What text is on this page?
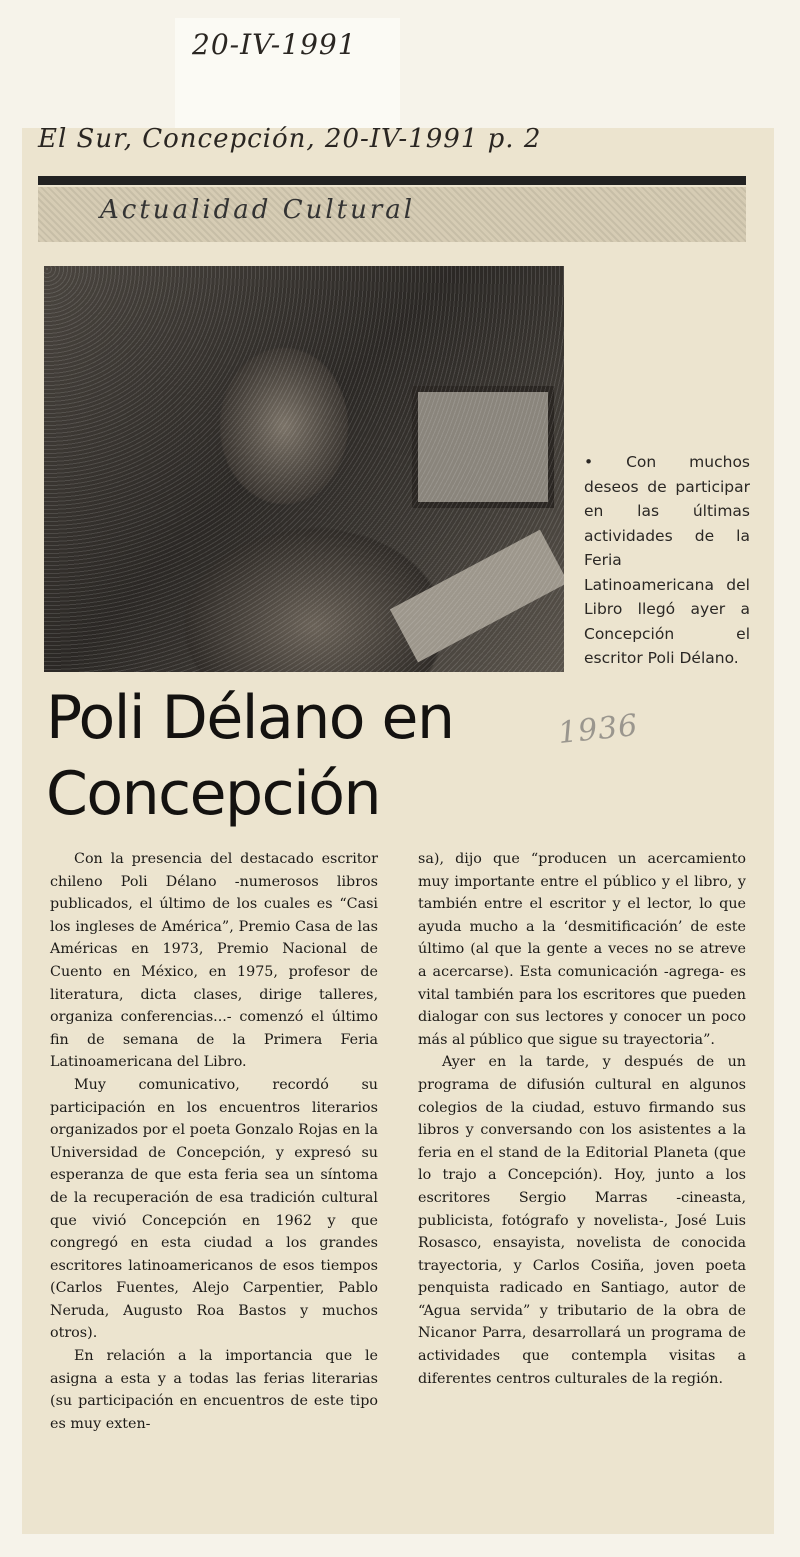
20-IV-1991
El Sur, Concepción, 20-IV-1991 p. 2
Actualidad Cultural
• Con muchos deseos de participar en las últimas actividades de la Feria Latinoamericana del Libro llegó ayer a Concepción el escritor Poli Délano.
Poli Délano en Concepción
1936

Con la presencia del destacado escritor chileno Poli Délano -numerosos libros publicados, el último de los cuales es “Casi los ingleses de América”, Premio Casa de las Américas en 1973, Premio Nacional de Cuento en México, en 1975, profesor de literatura, dicta clases, dirige talleres, organiza conferencias...- comenzó el último fin de semana de la Primera Feria Latinoamericana del Libro.

Muy comunicativo, recordó su participación en los encuentros literarios organizados por el poeta Gonzalo Rojas en la Universidad de Concepción, y expresó su esperanza de que esta feria sea un síntoma de la recuperación de esa tradición cultural que vivió Concepción en 1962 y que congregó en esta ciudad a los grandes escritores latinoamericanos de esos tiempos (Carlos Fuentes, Alejo Carpentier, Pablo Neruda, Augusto Roa Bastos y muchos otros).

En relación a la importancia que le asigna a esta y a todas las ferias literarias (su participación en encuentros de este tipo es muy exten-

sa), dijo que “producen un acercamiento muy importante entre el público y el libro, y también entre el escritor y el lector, lo que ayuda mucho a la ‘desmitificación’ de este último (al que la gente a veces no se atreve a acercarse). Esta comunicación -agrega- es vital también para los escritores que pueden dialogar con sus lectores y conocer un poco más al público que sigue su trayectoria”.

Ayer en la tarde, y después de un programa de difusión cultural en algunos colegios de la ciudad, estuvo firmando sus libros y conversando con los asistentes a la feria en el stand de la Editorial Planeta (que lo trajo a Concepción). Hoy, junto a los escritores Sergio Marras -cineasta, publicista, fotógrafo y novelista-, José Luis Rosasco, ensayista, novelista de conocida trayectoria, y Carlos Cosiña, joven poeta penquista radicado en Santiago, autor de “Agua servida” y tributario de la obra de Nicanor Parra, desarrollará un programa de actividades que contempla visitas a diferentes centros culturales de la región.
